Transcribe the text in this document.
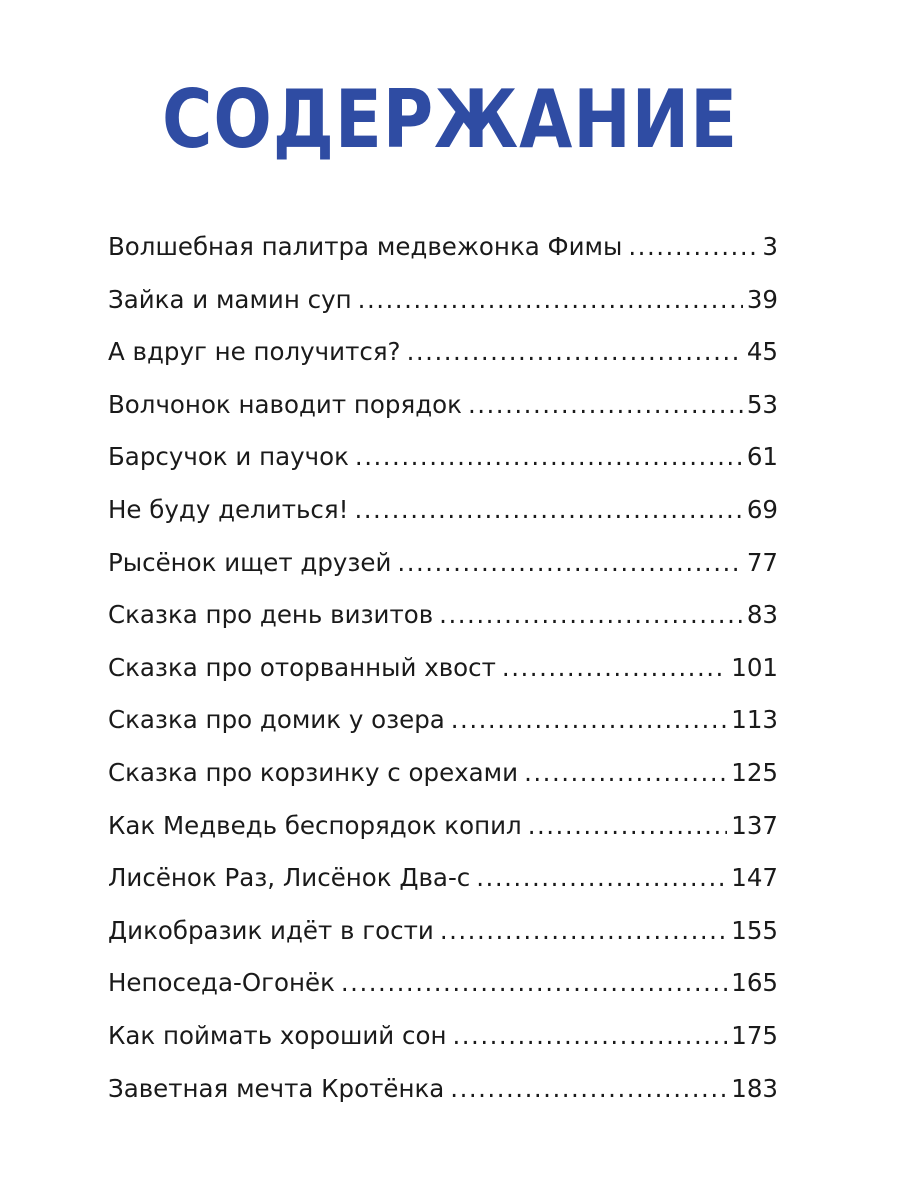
СОДЕРЖАНИЕ
Волшебная палитра медвежонка Фимы .....	3
Зайка и мамин суп .....	39
А вдруг не получится? .....	45
Волчонок наводит порядок .....	53
Барсучок и паучок .....	61
Не буду делиться! .....	69
Рысёнок ищет друзей .....	77
Сказка про день визитов .....	83
Сказка про оторванный хвост .....	101
Сказка про домик у озера .....	113
Сказка про корзинку с орехами .....	125
Как Медведь беспорядок копил .....	137
Лисёнок Раз, Лисёнок Два-с .....	147
Дикобразик идёт в гости .....	155
Непоседа-Огонёк .....	165
Как поймать хороший сон .....	175
Заветная мечта Кротёнка .....	183
